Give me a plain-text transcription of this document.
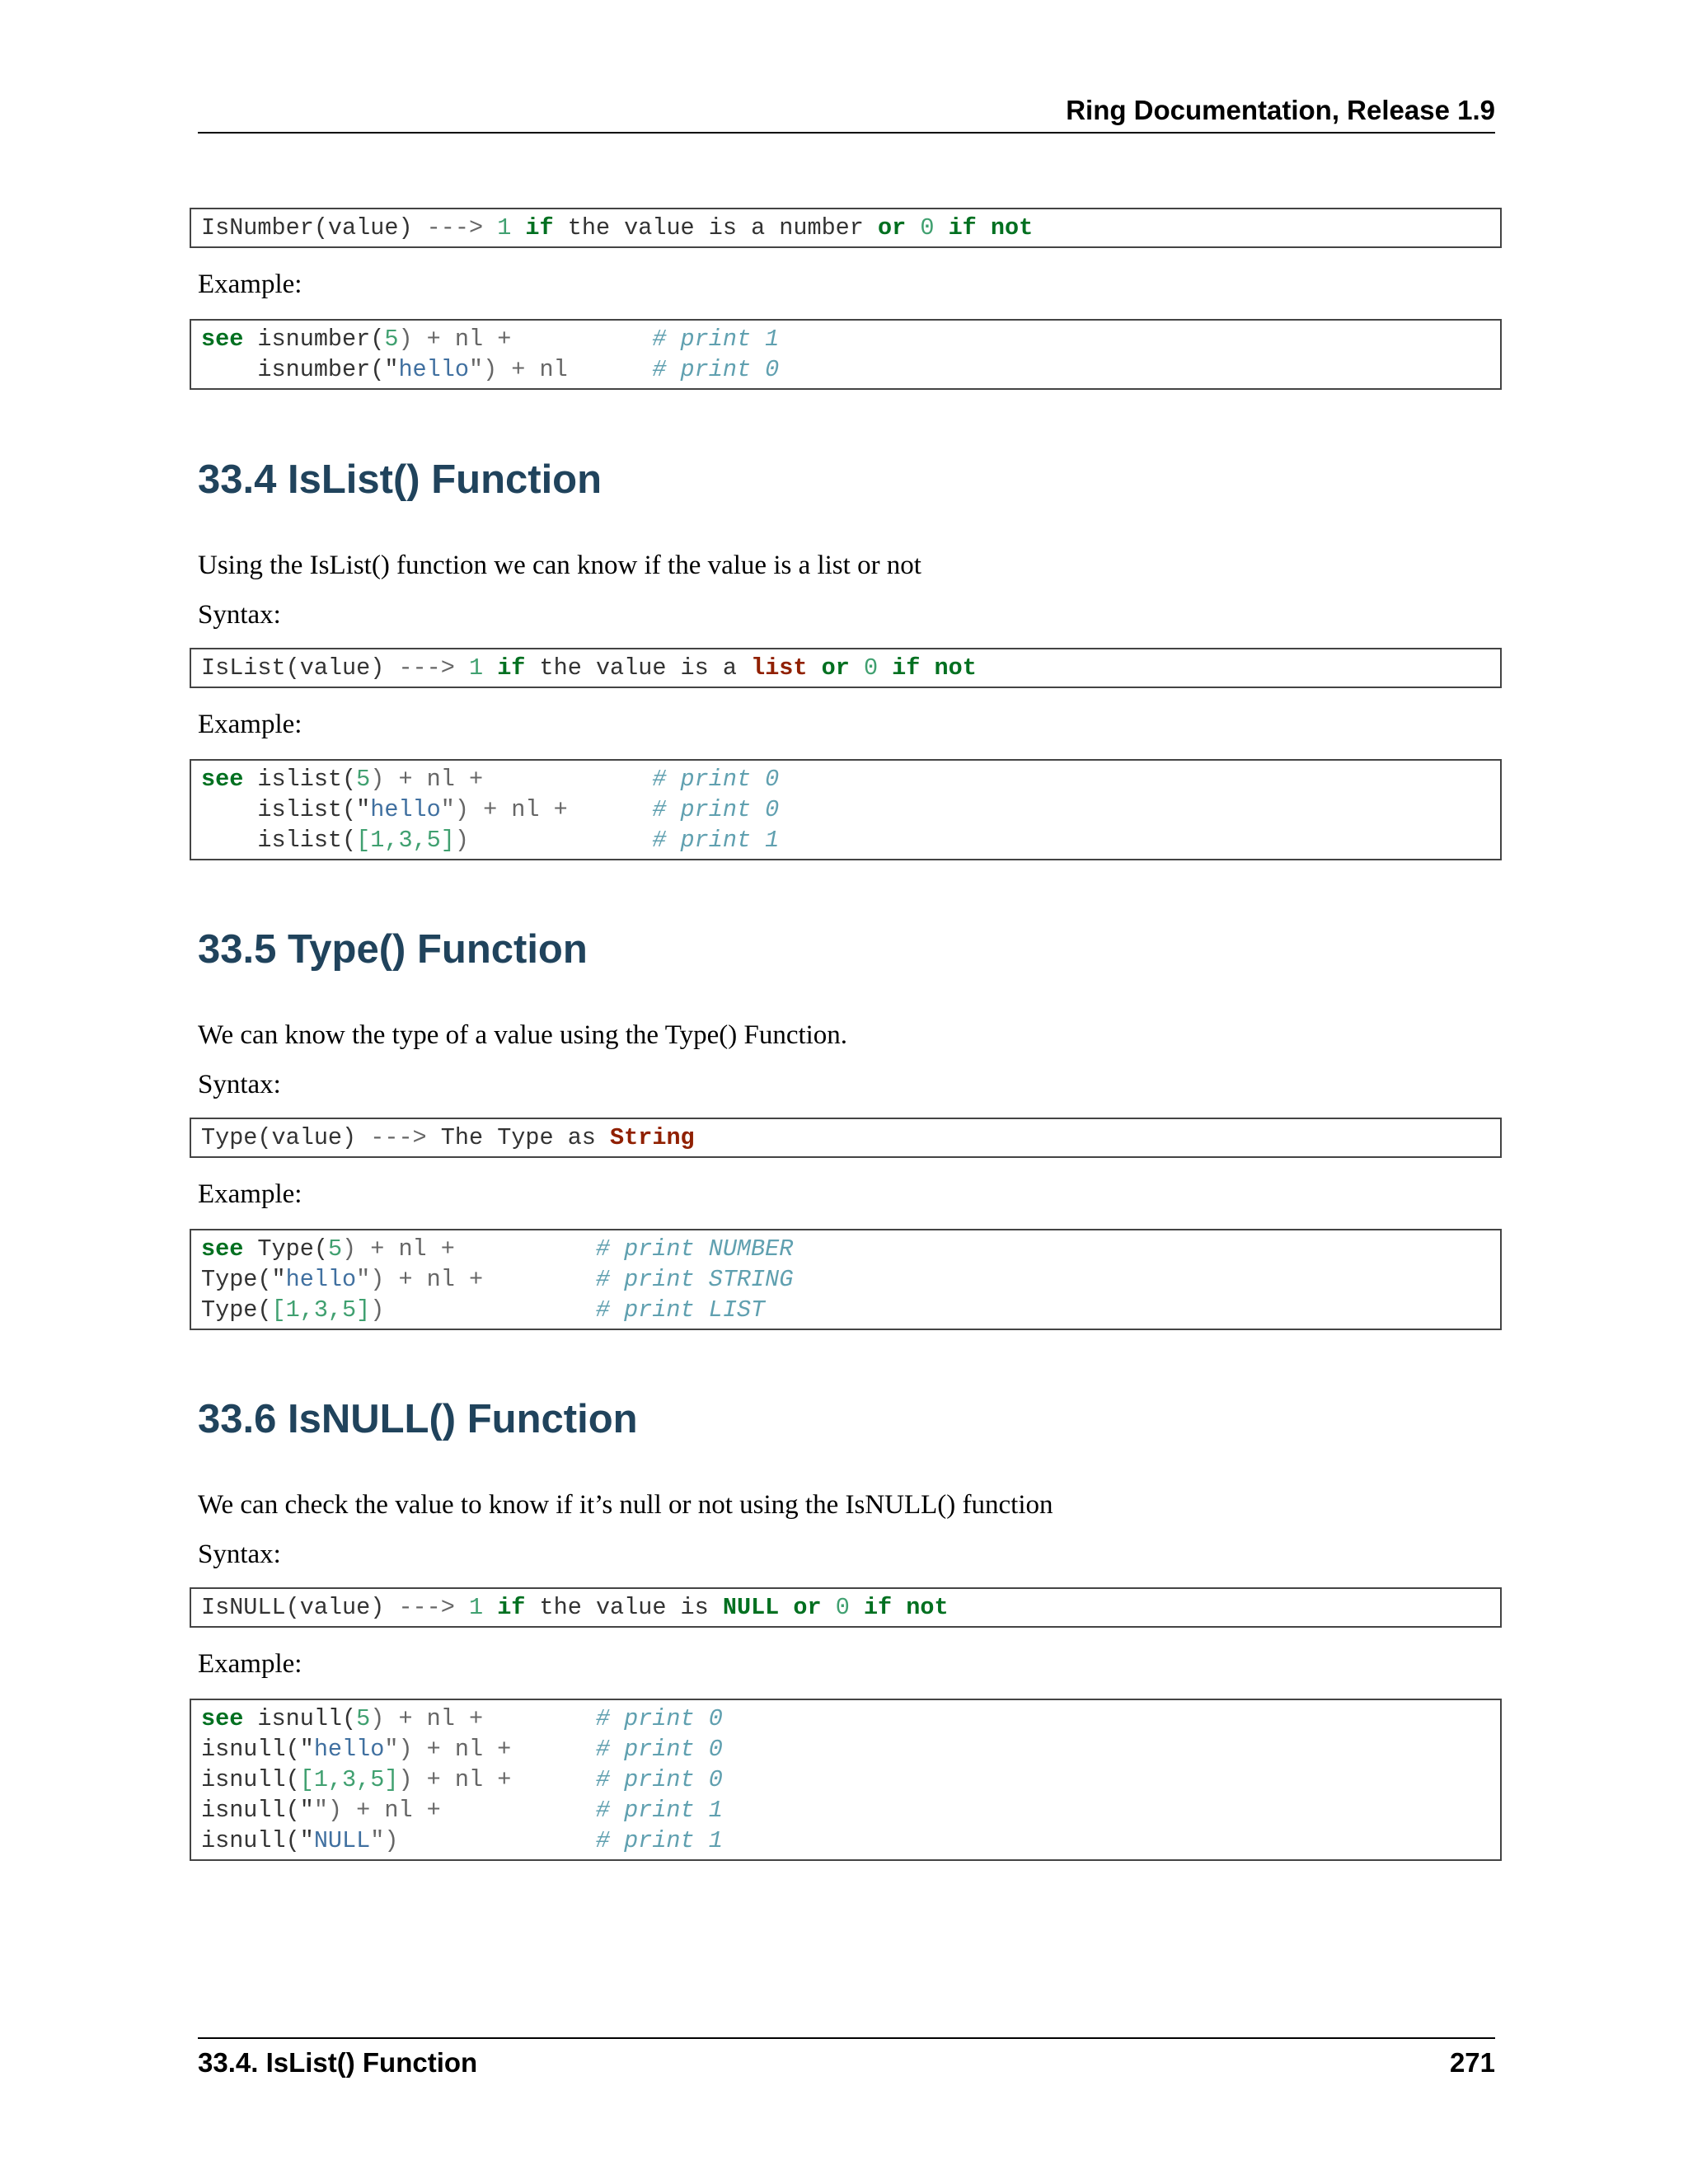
Ring Documentation, Release 1.9
IsNumber(value) ---> 1 if the value is a number or 0 if not
Example:
see isnumber(5) + nl +	# print 1
isnumber("hello") + nl	# print 0
33.4 IsList() Function
Using the IsList() function we can know if the value is a list or not
Syntax:
IsList(value) ---> 1 if the value is a list or 0 if not
Example:
see islist(5) + nl +	# print 0
islist("hello") + nl +	# print 0
islist([1,3,5])	# print 1
33.5 Type() Function
We can know the type of a value using the Type() Function.
Syntax:
Type(value) ---> The Type as String
Example:
see Type(5) + nl +	# print NUMBER
Type("hello") + nl +	# print STRING
Type([1,3,5])	# print LIST
33.6 IsNULL() Function
We can check the value to know if it’s null or not using the IsNULL() function
Syntax:
IsNULL(value) ---> 1 if the value is NULL or 0 if not
Example:
see isnull(5) + nl +	# print 0
isnull("hello") + nl +	# print 0
isnull([1,3,5]) + nl +	# print 0
isnull("") + nl +	# print 1
isnull("NULL")	# print 1
33.4. IsList() Function	271
